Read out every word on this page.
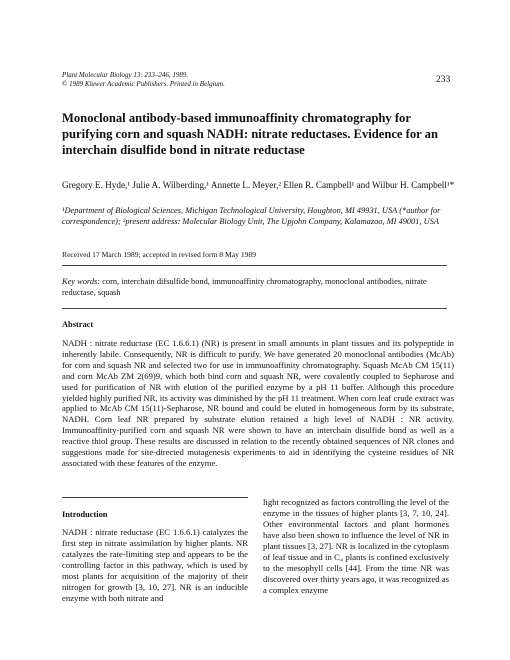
Plant Molecular Biology 13: 233–246, 1989.
© 1989 Kluwer Academic Publishers. Printed in Belgium.	233
Monoclonal antibody-based immunoaffinity chromatography for purifying corn and squash NADH: nitrate reductases. Evidence for an interchain disulfide bond in nitrate reductase
Gregory E. Hyde,¹ Julie A. Wilberding,¹ Annette L. Meyer,² Ellen R. Campbell¹ and Wilbur H. Campbell¹*
¹Department of Biological Sciences, Michigan Technological University, Houghton, MI 49931, USA (*author for correspondence); ²present address: Molecular Biology Unit, The Upjohn Company, Kalamazoo, MI 49001, USA
Received 17 March 1989; accepted in revised form 8 May 1989
Key words: corn, interchain difsulfide bond, immunoaffinity chromatography, monoclonal antibodies, nitrate reductase, squash
Abstract
NADH : nitrate reductase (EC 1.6.6.1) (NR) is present in small amounts in plant tissues and its polypeptide in inherently labile. Consequently, NR is difficult to purify. We have generated 20 monoclonal antibodies (McAb) for corn and squash NR and selected two for use in immunoaffinity chromatography. Squash McAb CM 15(11) and corn McAb ZM 2(69)9, which both bind corn and squash NR, were covalently coupled to Sepharose and used for purification of NR with elution of the purified enzyme by a pH 11 buffer. Although this procedure yielded highly purified NR, its activity was diminished by the pH 11 treatment. When corn leaf crude extract was applied to McAb CM 15(11)-Sepharose, NR bound and could be eluted in homogeneous form by its substrate, NADH. Corn leaf NR prepared by substrate elution retained a high level of NADH : NR activity. Immunoaffinity-purified corn and squash NR were shown to have an interchain disulfide bond as well as a reactive thiol group. These results are discussed in relation to the recently obtained sequences of NR clones and suggestions made for site-directed mutagenesis experiments to aid in identifying the cysteine residues of NR associated with these features of the enzyme.
Introduction
NADH : nitrate reductase (EC 1.6.6.1) catalyzes the first step in nitrate assimilation by higher plants. NR catalyzes the rate-limiting step and appears to be the controlling factor in this pathway, which is used by most plants for acquisition of the majority of their nitrogen for growth [3, 10, 27]. NR is an inducible enzyme with both nitrate and
light recognized as factors controlling the level of the enzyme in the tissues of higher plants [3, 7, 10, 24]. Other environmental factors and plant hormones have also been shown to influence the level of NR in plant tissues [3, 27]. NR is localized in the cytoplasm of leaf tissue and in C₄ plants is confined exclusively to the mesophyll cells [44]. From the time NR was discovered over thirty years ago, it was recognized as a complex enzyme
